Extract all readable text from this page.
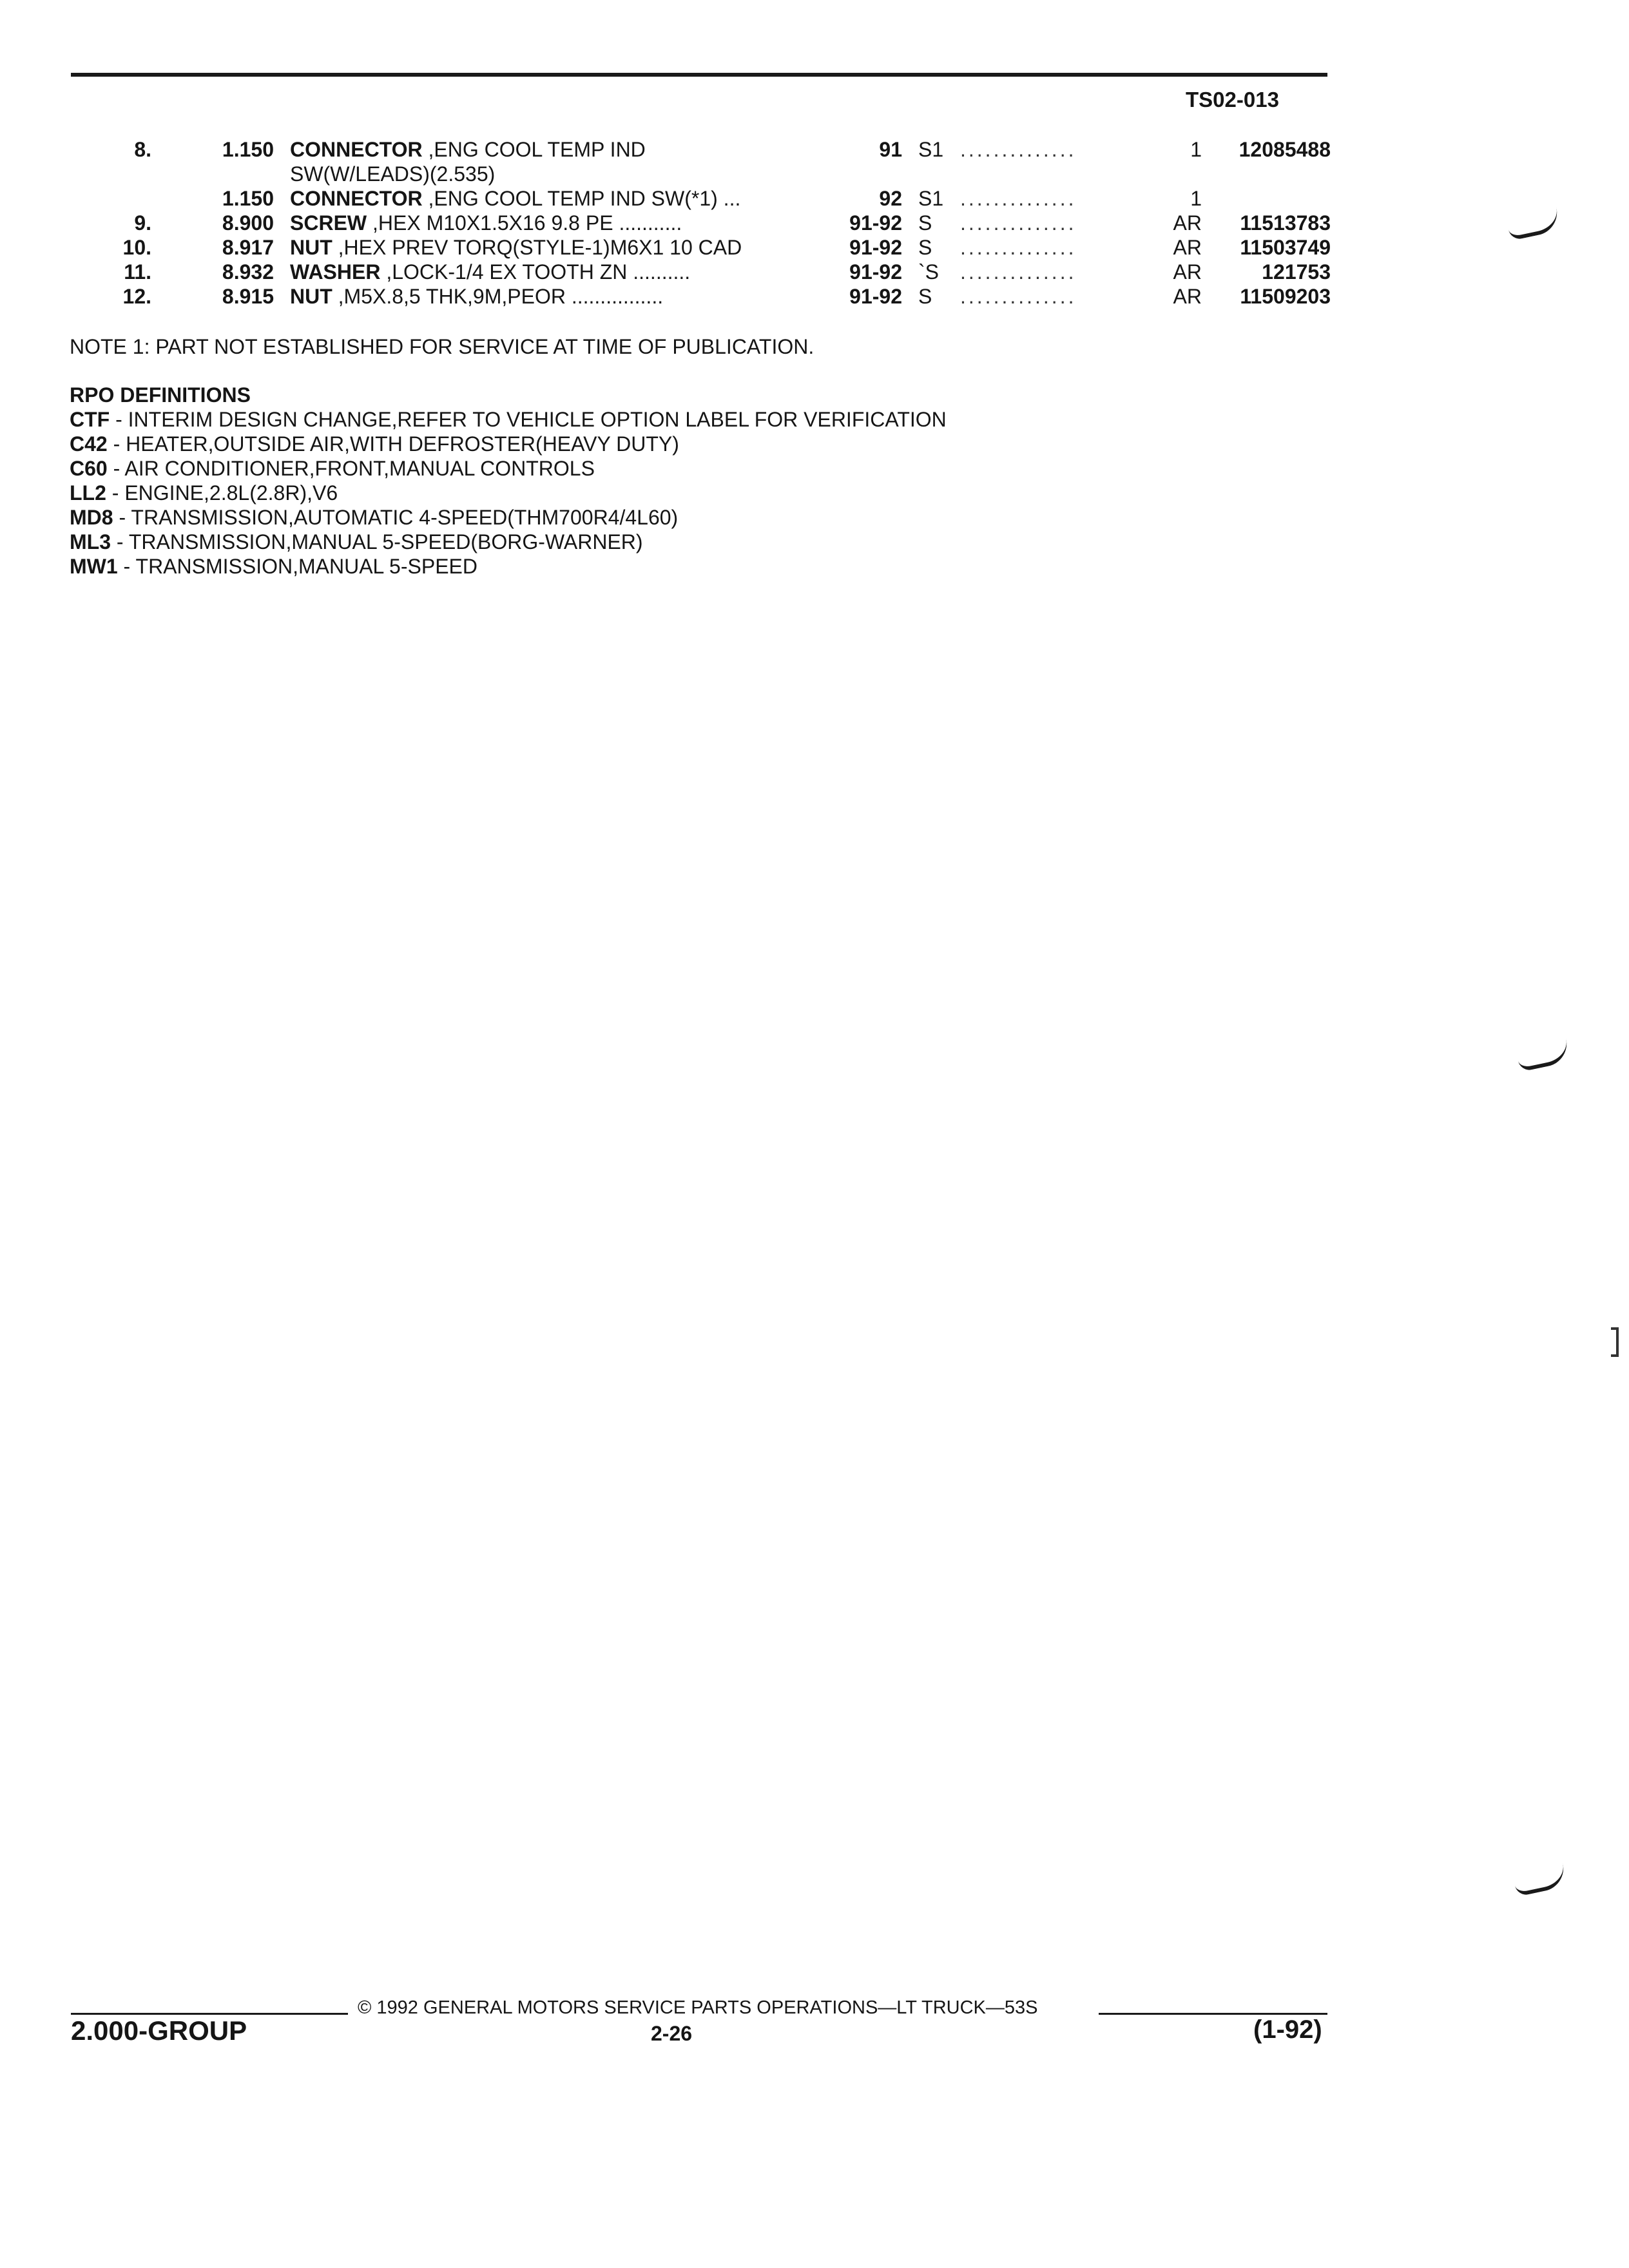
TS02-013
8.	1.150 CONNECTOR ,ENG COOL TEMP IND	91 S1 ..............	1	12085488
SW(W/LEADS)(2.535)
1.150 CONNECTOR ,ENG COOL TEMP IND SW(*1) ...	92 S1 ..............	1
9.	8.900 SCREW ,HEX M10X1.5X16 9.8 PE ...........	91-92 S ..............	AR	11513783
10.	8.917 NUT ,HEX PREV TORQ(STYLE-1)M6X1 10 CAD	91-92 S ..............	AR	11503749
11.	8.932 WASHER ,LOCK-1/4 EX TOOTH ZN ..........	91-92 `S ..............	AR	121753
12.	8.915 NUT ,M5X.8,5 THK,9M,PEOR ................	91-92 S ..............	AR	11509203
NOTE 1: PART NOT ESTABLISHED FOR SERVICE AT TIME OF PUBLICATION.
RPO DEFINITIONS
CTF - INTERIM DESIGN CHANGE,REFER TO VEHICLE OPTION LABEL FOR VERIFICATION
C42 - HEATER,OUTSIDE AIR,WITH DEFROSTER(HEAVY DUTY)
C60 - AIR CONDITIONER,FRONT,MANUAL CONTROLS
LL2 - ENGINE,2.8L(2.8R),V6
MD8 - TRANSMISSION,AUTOMATIC 4-SPEED(THM700R4/4L60)
ML3 - TRANSMISSION,MANUAL 5-SPEED(BORG-WARNER)
MW1 - TRANSMISSION,MANUAL 5-SPEED
© 1992 GENERAL MOTORS SERVICE PARTS OPERATIONS—LT TRUCK—53S
2.000-GROUP	2-26	(1-92)
